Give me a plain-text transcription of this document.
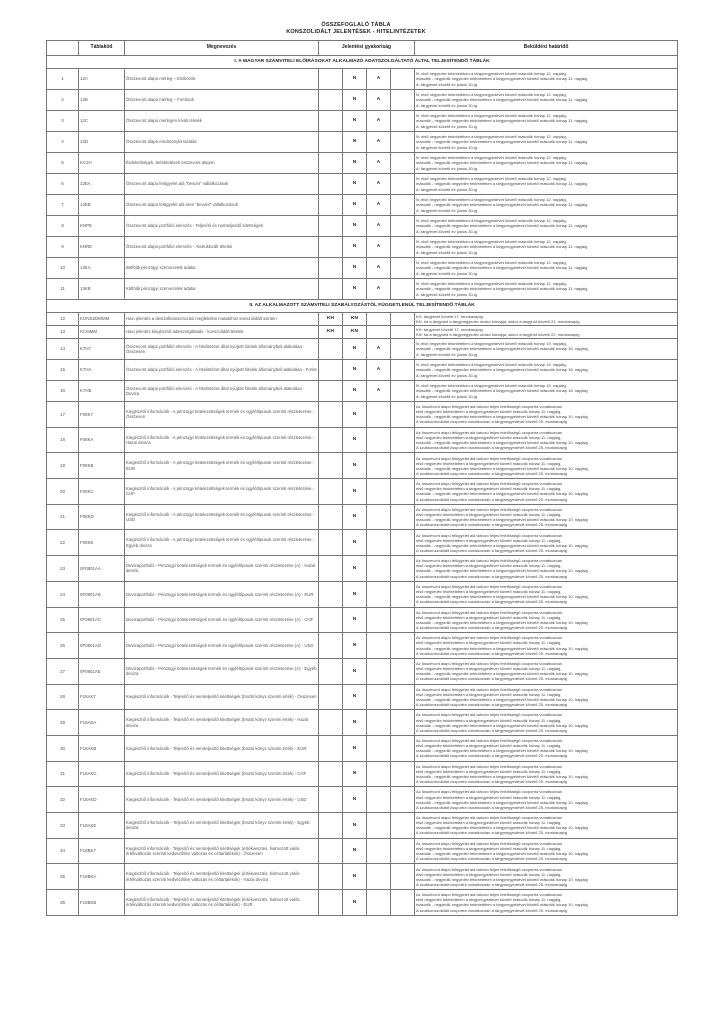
ÖSSZEFOGLALÓ TÁBLA
KONSZOLIDÁLT JELENTÉSEK - HITELINTÉZETEK
	Táblakód	Megnevezés	Jelentési gyakoriság				Beküldési határidő
I. A MAGYAR SZÁMVITELI ELŐÍRÁSOKAT ALKALMAZÓ ADATSZOLGÁLTATÓ ÁLTAL TELJESÍTENDŐ TÁBLÁK							
1	12A	Összevont alapú mérleg – Eszközök		N	A		N: első negyedév tekintetében a tárgynegyedévet követő második hónap 12. napjáig,
második - negyedik negyedév tekintetében a tárgynegyedévet követő második hónap 11. napjáig
A: tárgyévet követő év június 30-ig

2	12B	Összevont alapú mérleg – Források		N	A		N: első negyedév tekintetében a tárgynegyedévet követő második hónap 12. napjáig,
második - negyedik negyedév tekintetében a tárgynegyedévet követő második hónap 11. napjáig
A: tárgyévet követő év június 30-ig

3	12C	Összevont alapú mérlegen kívüli tételek		N	A		N: első negyedév tekintetében a tárgynegyedévet követő második hónap 12. napjáig,
második - negyedik negyedév tekintetében a tárgynegyedévet követő második hónap 11. napjáig
A: tárgyévet követő év június 30-ig

4	12D	Összevont alapú eredménykimutatás		N	A		N: első negyedév tekintetében a tárgynegyedévet követő második hónap 12. napjáig,
második - negyedik negyedév tekintetében a tárgynegyedévet követő második hónap 11. napjáig
A: tárgyévet követő év június 30-ig

5	KC2H	Érdekeltségek, befektetések összevont alapon		N	A		N: első negyedév tekintetében a tárgynegyedévet követő második hónap 12. napjáig,
második - negyedik negyedév tekintetében a tárgynegyedévet követő második hónap 11. napjáig
A: tárgyévet követő év június 30-ig

6	12EA	Összevont alapú felügyelet alá "bevont" vállalkozások		N	A		N: első negyedév tekintetében a tárgynegyedévet követő második hónap 12. napjáig,
második - negyedik negyedév tekintetében a tárgynegyedévet követő második hónap 11. napjáig
A: tárgyévet követő év június 30-ig

7	12EB	Összevont alapú felügyelet alá nem "bevont" vállalkozások		N	A		N: első negyedév tekintetében a tárgynegyedévet követő második hónap 12. napjáig,
második - negyedik negyedév tekintetében a tárgynegyedévet követő második hónap 11. napjáig
A: tárgyévet követő év június 30-ig

8	KNPE	Összevont alapú portfólió elemzés - Teljesítő és nemteljesítő kitettségek		N	A		N: első negyedév tekintetében a tárgynegyedévet követő második hónap 12. napjáig,
második - negyedik negyedév tekintetében a tárgynegyedévet követő második hónap 11. napjáig
A: tárgyévet követő év június 30-ig

9	KNRE	Összevont alapú portfólió elemzés - Átstrukturált tételek		N	A		N: első negyedév tekintetében a tárgynegyedévet követő második hónap 12. napjáig,
második - negyedik negyedév tekintetében a tárgynegyedévet követő második hónap 11. napjáig
A: tárgyévet követő év június 30-ig

10	13KA	Belföldi pénzügyi szervezetek adatai		N	A		N: első negyedév tekintetében a tárgynegyedévet követő második hónap 12. napjáig,
második - negyedik negyedév tekintetében a tárgynegyedévet követő második hónap 11. napjáig
A: tárgyévet követő év június 30-ig

11	13KB	Külföldi pénzügyi szervezetek adatai		N	A		N: első negyedév tekintetében a tárgynegyedévet követő második hónap 12. napjáig,
második - negyedik negyedév tekintetében a tárgynegyedévet követő második hónap 11. napjáig
A: tárgyévet követő év június 30-ig

II. AZ ALKALMAZOTT SZÁMVITELI SZABÁLYOZÁSTÓL FÜGGETLENÜL TELJESÍTENDŐ TÁBLÁK							
12	KONSZDMMM	Havi jelentés a devizafinanszírozási megfelelési mutatóhoz konszolidált szinten	KH	KN			KH: tárgyévet követő 17. munkanapig
KN: ha a tárgynéd a tárgynegyedév utolsó hónapja, akkor a tárgyhót követő 22. munkanapig

13	KCMMM	Havi jelentés kiegészítő adatszolgáltatás - konszolidált tételek	KH	KN			KH: tárgyévet követő 17. munkanapig
KN: ha a tárgynéd a tárgynegyedév utolsó hónapja, akkor a tárgyhót követő 22. munkanapig

14	K7H7	Összevont alapú portfólió elemzés - A hitelintézet által nyújtott hitelek állománybeli alakulása - Összesen		N	A		N: első negyedév tekintetében a tárgynegyedévet követő második hónap 19. napjáig,
második - negyedik negyedév tekintetében a tárgynegyedévet követő második hónap 18. napjáig
A: tárgyévet követő év június 30-ig

15	K7HA	Összevont alapú portfólió elemzés - A hitelintézet által nyújtott hitelek állománybeli alakulása - Forint		N	A		N: első negyedév tekintetében a tárgynegyedévet követő második hónap 19. napjáig,
második - negyedik negyedév tekintetében a tárgynegyedévet követő második hónap 18. napjáig
A: tárgyévet követő év június 30-ig

16	K7HB	Összevont alapú portfólió elemzés - A hitelintézet által nyújtott hitelek állománybeli alakulása - Deviza		N	A		N: első negyedév tekintetében a tárgynegyedévet követő második hónap 19. napjáig,
második - negyedik negyedév tekintetében a tárgynegyedévet követő második hónap 18. napjáig
A: tárgyévet követő év június 30-ig

17	F08K7	Kiegészítő információk - A pénzügyi kötelezettségek termék és ügyféltípusok szerinti részletezése - Összesen		N			Az összevont alapú felügyelet alá tartozó teljes felelősségű csoportra vonatkozóan
első negyedév tekintetében a tárgynegyedévet követő második hónap 11. napjáig,
második - negyedik negyedév tekintetében a tárgynegyedévet követő második hónap 10. napjáig
A szubkonszolidált csoportra vonatkozóan a tárgynegyedévet követő 25. munkanapig

18	F08KA	Kiegészítő információk - A pénzügyi kötelezettségek termék és ügyféltípusok szerinti részletezése - Hazai deviza		N			Az összevont alapú felügyelet alá tartozó teljes felelősségű csoportra vonatkozóan
első negyedév tekintetében a tárgynegyedévet követő második hónap 11. napjáig,
második - negyedik negyedév tekintetében a tárgynegyedévet követő második hónap 10. napjáig
A szubkonszolidált csoportra vonatkozóan a tárgynegyedévet követő 25. munkanapig

19	F08KB	Kiegészítő információk - A pénzügyi kötelezettségek termék és ügyféltípusok szerinti részletezése - EUR		N			Az összevont alapú felügyelet alá tartozó teljes felelősségű csoportra vonatkozóan
első negyedév tekintetében a tárgynegyedévet követő második hónap 11. napjáig,
második - negyedik negyedév tekintetében a tárgynegyedévet követő második hónap 10. napjáig
A szubkonszolidált csoportra vonatkozóan a tárgynegyedévet követő 25. munkanapig

20	F08KC	Kiegészítő információk - A pénzügyi kötelezettségek termék és ügyféltípusok szerinti részletezése - CHF		N			Az összevont alapú felügyelet alá tartozó teljes felelősségű csoportra vonatkozóan
első negyedév tekintetében a tárgynegyedévet követő második hónap 11. napjáig,
második - negyedik negyedév tekintetében a tárgynegyedévet követő második hónap 10. napjáig
A szubkonszolidált csoportra vonatkozóan a tárgynegyedévet követő 25. munkanapig

21	F08KD	Kiegészítő információk - A pénzügyi kötelezettségek termék és ügyféltípusok szerinti részletezése - USD		N			Az összevont alapú felügyelet alá tartozó teljes felelősségű csoportra vonatkozóan
első negyedév tekintetében a tárgynegyedévet követő második hónap 11. napjáig,
második - negyedik negyedév tekintetében a tárgynegyedévet követő második hónap 10. napjáig
A szubkonszolidált csoportra vonatkozóan a tárgynegyedévet követő 25. munkanapig

22	F08KE	Kiegészítő információk - A pénzügyi kötelezettségek termék és ügyféltípusok szerinti részletezése - Egyéb deviza		N			Az összevont alapú felügyelet alá tartozó teljes felelősségű csoportra vonatkozóan
első negyedév tekintetében a tárgynegyedévet követő második hónap 11. napjáig,
második - negyedik negyedév tekintetében a tárgynegyedévet követő második hónap 10. napjáig
A szubkonszolidált csoportra vonatkozóan a tárgynegyedévet követő 25. munkanapig

23	0F0801AA	Devizaportfolió - Pénzügyi kötelezettségek termék és ügyféltípusok szerinti részletezése (A) - Hazai deviza		N			Az összevont alapú felügyelet alá tartozó teljes felelősségű csoportra vonatkozóan
első negyedév tekintetében a tárgynegyedévet követő második hónap 11. napjáig,
második - negyedik negyedév tekintetében a tárgynegyedévet követő második hónap 10. napjáig
A szubkonszolidált csoportra vonatkozóan a tárgynegyedévet követő 25. munkanapig

24	0F0801AB	Devizaportfolió - Pénzügyi kötelezettségek termék és ügyféltípusok szerinti részletezése (A) - EUR		N			Az összevont alapú felügyelet alá tartozó teljes felelősségű csoportra vonatkozóan
első negyedév tekintetében a tárgynegyedévet követő második hónap 11. napjáig,
második - negyedik negyedév tekintetében a tárgynegyedévet követő második hónap 10. napjáig
A szubkonszolidált csoportra vonatkozóan a tárgynegyedévet követő 25. munkanapig

25	0F0801AC	Devizaportfolió - Pénzügyi kötelezettségek termék és ügyféltípusok szerinti részletezése (A) - CHF		N			Az összevont alapú felügyelet alá tartozó teljes felelősségű csoportra vonatkozóan
első negyedév tekintetében a tárgynegyedévet követő második hónap 11. napjáig,
második - negyedik negyedév tekintetében a tárgynegyedévet követő második hónap 10. napjáig
A szubkonszolidált csoportra vonatkozóan a tárgynegyedévet követő 25. munkanapig

26	0F0801AD	Devizaportfolió - Pénzügyi kötelezettségek termék és ügyféltípusok szerinti részletezése (A) - USD		N			Az összevont alapú felügyelet alá tartozó teljes felelősségű csoportra vonatkozóan
első negyedév tekintetében a tárgynegyedévet követő második hónap 11. napjáig,
második - negyedik negyedév tekintetében a tárgynegyedévet követő második hónap 10. napjáig
A szubkonszolidált csoportra vonatkozóan a tárgynegyedévet követő 25. munkanapig

27	0F0801AE	Devizaportfolió - Pénzügyi kötelezettségek termék és ügyféltípusok szerinti részletezése (A) - Egyéb deviza		N			Az összevont alapú felügyelet alá tartozó teljes felelősségű csoportra vonatkozóan
első negyedév tekintetében a tárgynegyedévet követő második hónap 11. napjáig,
második - negyedik negyedév tekintetében a tárgynegyedévet követő második hónap 10. napjáig
A szubkonszolidált csoportra vonatkozóan a tárgynegyedévet követő 25. munkanapig

28	F18AK7	Kiegészítő információk - Teljesítő és nemteljesítő kitettségek (bruttó könyv szerinti érték) - Összesen		N			Az összevont alapú felügyelet alá tartozó teljes felelősségű csoportra vonatkozóan
első negyedév tekintetében a tárgynegyedévet követő második hónap 11. napjáig,
második - negyedik negyedév tekintetében a tárgynegyedévet követő második hónap 10. napjáig
A szubkonszolidált csoportra vonatkozóan a tárgynegyedévet követő 25. munkanapig

29	F18AKA	Kiegészítő információk - Teljesítő és nemteljesítő kitettségek (bruttó könyv szerinti érték) - Hazai deviza		N			Az összevont alapú felügyelet alá tartozó teljes felelősségű csoportra vonatkozóan
első negyedév tekintetében a tárgynegyedévet követő második hónap 11. napjáig,
második - negyedik negyedév tekintetében a tárgynegyedévet követő második hónap 10. napjáig
A szubkonszolidált csoportra vonatkozóan a tárgynegyedévet követő 25. munkanapig

30	F18AKB	Kiegészítő információk - Teljesítő és nemteljesítő kitettségek (bruttó könyv szerinti érték) - EUR		N			Az összevont alapú felügyelet alá tartozó teljes felelősségű csoportra vonatkozóan
első negyedév tekintetében a tárgynegyedévet követő második hónap 11. napjáig,
második - negyedik negyedév tekintetében a tárgynegyedévet követő második hónap 10. napjáig
A szubkonszolidált csoportra vonatkozóan a tárgynegyedévet követő 25. munkanapig

31	F18AKC	Kiegészítő információk - Teljesítő és nemteljesítő kitettségek (bruttó könyv szerinti érték) - CHF		N			Az összevont alapú felügyelet alá tartozó teljes felelősségű csoportra vonatkozóan
első negyedév tekintetében a tárgynegyedévet követő második hónap 11. napjáig,
második - negyedik negyedév tekintetében a tárgynegyedévet követő második hónap 10. napjáig
A szubkonszolidált csoportra vonatkozóan a tárgynegyedévet követő 25. munkanapig

32	F18AKD	Kiegészítő információk - Teljesítő és nemteljesítő kitettségek (bruttó könyv szerinti érték) - USD		N			Az összevont alapú felügyelet alá tartozó teljes felelősségű csoportra vonatkozóan
első negyedév tekintetében a tárgynegyedévet követő második hónap 11. napjáig,
második - negyedik negyedév tekintetében a tárgynegyedévet követő második hónap 10. napjáig
A szubkonszolidált csoportra vonatkozóan a tárgynegyedévet követő 25. munkanapig

33	F18AKE	Kiegészítő információk - Teljesítő és nemteljesítő kitettségek (bruttó könyv szerinti érték) - Egyéb deviza		N			Az összevont alapú felügyelet alá tartozó teljes felelősségű csoportra vonatkozóan
első negyedév tekintetében a tárgynegyedévet követő második hónap 11. napjáig,
második - negyedik negyedév tekintetében a tárgynegyedévet követő második hónap 10. napjáig
A szubkonszolidált csoportra vonatkozóan a tárgynegyedévet követő 25. munkanapig

34	F18BK7	Kiegészítő információk - Teljesítő és nemteljesítő kitettségek (értékvesztés, halmozott valós értékváltozás szerinti kedvezőtlen változás és céltartalékok) - Összesen		N			Az összevont alapú felügyelet alá tartozó teljes felelősségű csoportra vonatkozóan
első negyedév tekintetében a tárgynegyedévet követő második hónap 11. napjáig,
második - negyedik negyedév tekintetében a tárgynegyedévet követő második hónap 10. napjáig
A szubkonszolidált csoportra vonatkozóan a tárgynegyedévet követő 25. munkanapig

35	F18BKA	Kiegészítő információk - Teljesítő és nemteljesítő kitettségek (értékvesztés, halmozott valós értékváltozás szerinti kedvezőtlen változás és céltartalékok) - Hazai deviza		N			Az összevont alapú felügyelet alá tartozó teljes felelősségű csoportra vonatkozóan
első negyedév tekintetében a tárgynegyedévet követő második hónap 11. napjáig,
második - negyedik negyedév tekintetében a tárgynegyedévet követő második hónap 10. napjáig
A szubkonszolidált csoportra vonatkozóan a tárgynegyedévet követő 25. munkanapig

36	F18BKB	Kiegészítő információk - Teljesítő és nemteljesítő kitettségek (értékvesztés, halmozott valós értékváltozás szerinti kedvezőtlen változás és céltartalékok) - EUR		N			Az összevont alapú felügyelet alá tartozó teljes felelősségű csoportra vonatkozóan
első negyedév tekintetében a tárgynegyedévet követő második hónap 11. napjáig,
második - negyedik negyedév tekintetében a tárgynegyedévet követő második hónap 10. napjáig
A szubkonszolidált csoportra vonatkozóan a tárgynegyedévet követő 25. munkanapig
